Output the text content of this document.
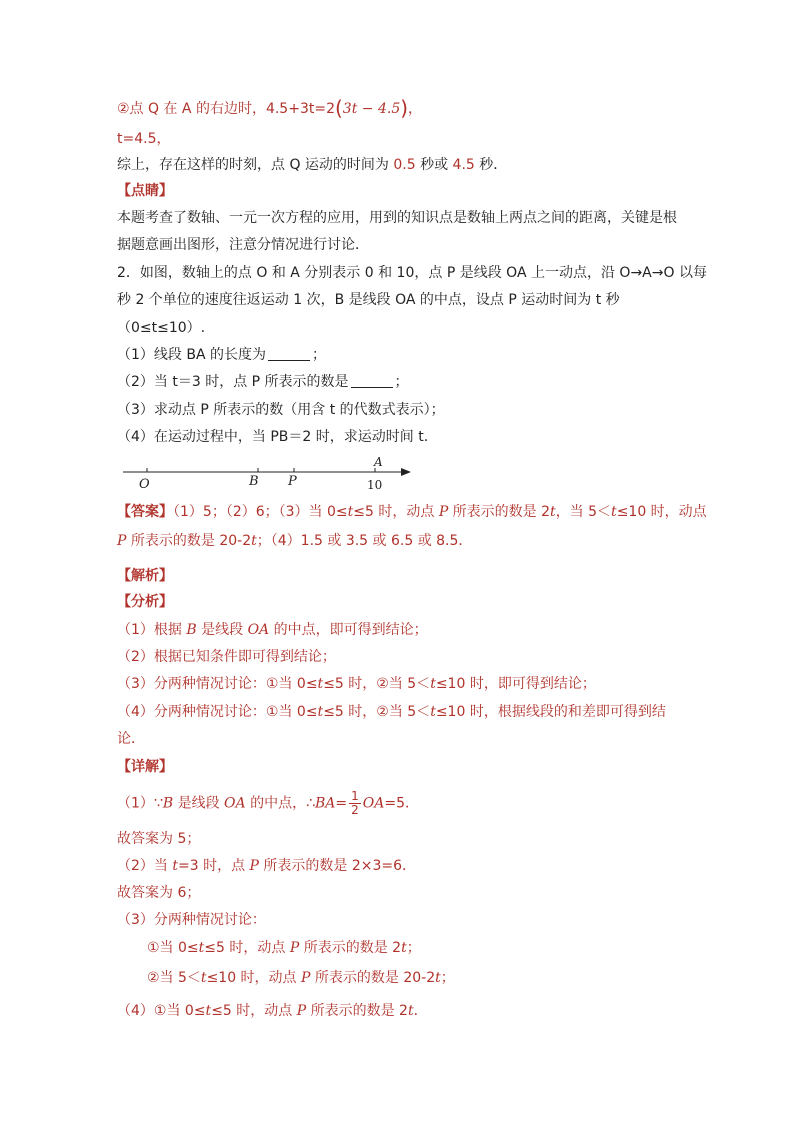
②点 Q 在 A 的右边时，4.5+3t=2(3t − 4.5)，
t=4.5，
综上，存在这样的时刻，点 Q 运动的时间为 0.5 秒或 4.5 秒．
【点睛】
本题考查了数轴、一元一次方程的应用，用到的知识点是数轴上两点之间的距离，关键是根
据题意画出图形，注意分情况进行讨论．
2．如图，数轴上的点 O 和 A 分别表示 0 和 10，点 P 是线段 OA 上一动点，沿 O→A→O 以每
秒 2 个单位的速度往返运动 1 次，B 是线段 OA 的中点，设点 P 运动时间为 t 秒
（0≤t≤10）.
（1）线段 BA 的长度为	；
（2）当 t＝3 时，点 P 所表示的数是	；
（3）求动点 P 所表示的数（用含 t 的代数式表示）；
（4）在运动过程中，当 PB＝2 时，求运动时间 t.
O	B P
A
10
【答案】（1）5；（2）6；（3）当 0≤t≤5 时，动点 P 所表示的数是 2t，当 5＜t≤10 时，动点
P 所表示的数是 20-2t；（4）1.5 或 3.5 或 6.5 或 8.5．
【解析】
【分析】
（1）根据 B 是线段 OA 的中点，即可得到结论；
（2）根据已知条件即可得到结论；
（3）分两种情况讨论：①当 0≤t≤5 时，②当 5＜t≤10 时，即可得到结论；
（4）分两种情况讨论：①当 0≤t≤5 时，②当 5＜t≤10 时，根据线段的和差即可得到结
论．
【详解】
（1）∵B 是线段 OA 的中点，∴BA= $\frac{1}{2} OA=5$．
故答案为 5；
（2）当 t=3 时，点 P 所表示的数是 2×3=6．
故答案为 6；
（3）分两种情况讨论：
①当 0≤t≤5 时，动点 P 所表示的数是 2t；
②当 5＜t≤10 时，动点 P 所表示的数是 20-2t；
（4）①当 0≤t≤5 时，动点 P 所表示的数是 2t．
